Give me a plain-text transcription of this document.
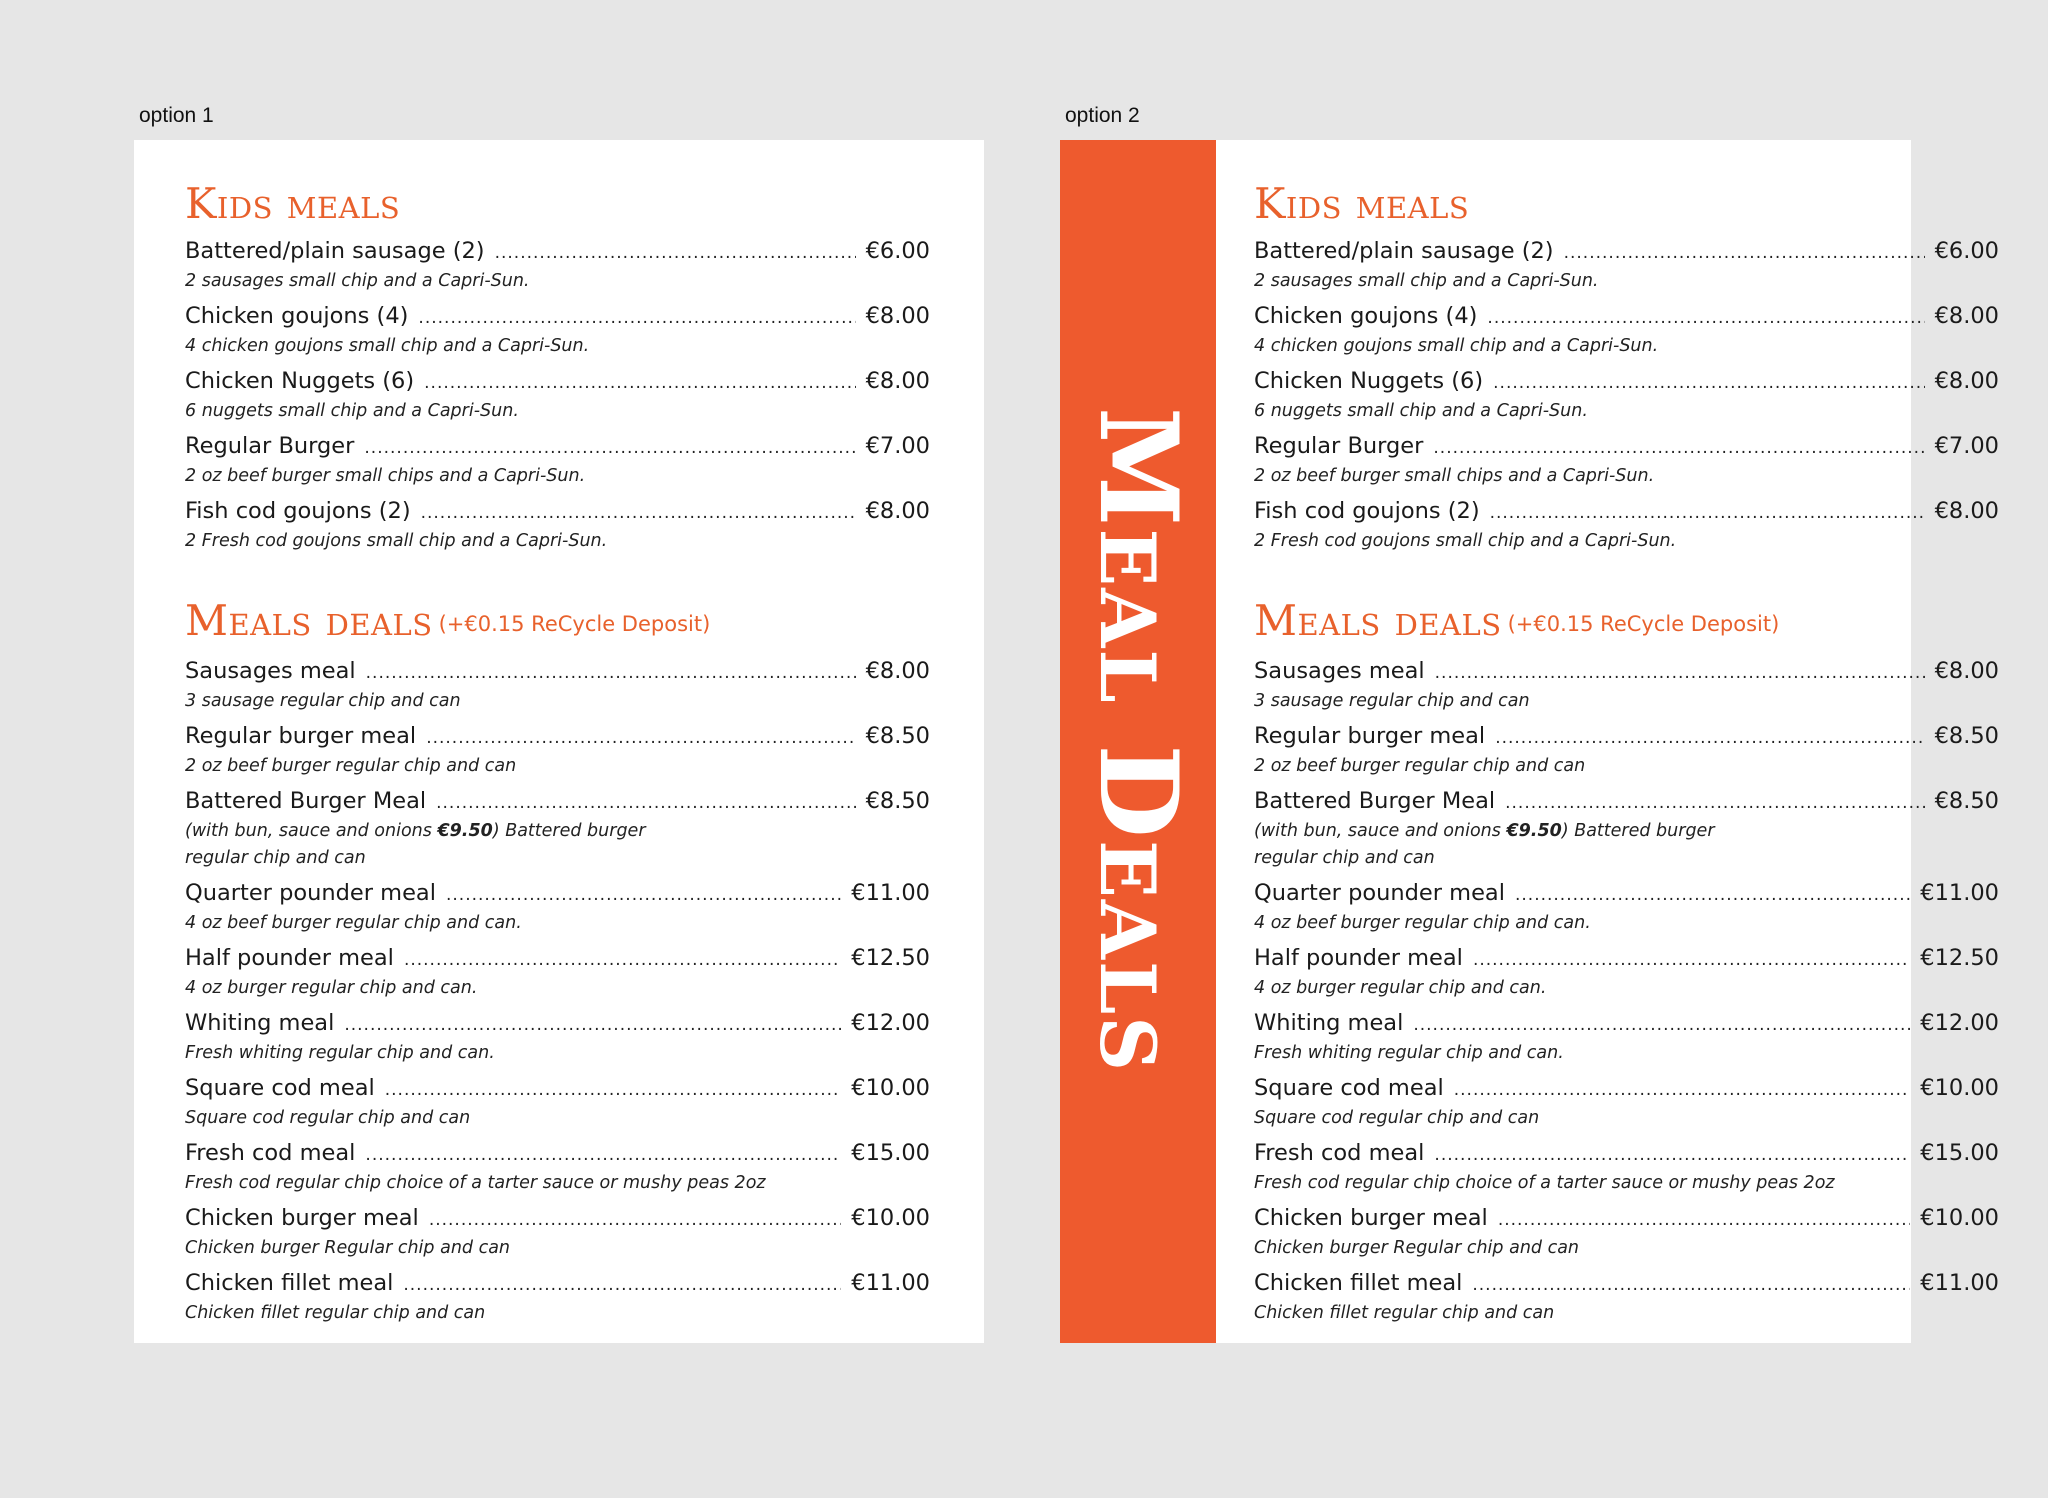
option 1	option 2
Kids meals
Battered/plain sausage (2) .....	€6.00
2 sausages small chip and a Capri-Sun.
Chicken goujons (4) .....	€8.00
4 chicken goujons small chip and a Capri-Sun.
Chicken Nuggets (6) .....	€8.00
6 nuggets small chip and a Capri-Sun.
Regular Burger .....	€7.00
2 oz beef burger small chips and a Capri-Sun.
Fish cod goujons (2) .....	€8.00
2 Fresh cod goujons small chip and a Capri-Sun.
Meals deals (+€0.15 ReCycle Deposit)
Sausages meal .....	€8.00
3 sausage regular chip and can
Regular burger meal .....	€8.50
2 oz beef burger regular chip and can
Battered Burger Meal .....	€8.50
(with bun, sauce and onions €9.50) Battered burger
regular chip and can
Quarter pounder meal .....	€11.00
4 oz beef burger regular chip and can.
Half pounder meal .....	€12.50
4 oz burger regular chip and can.
Whiting meal .....	€12.00
Fresh whiting regular chip and can.
Square cod meal .....	€10.00
Square cod regular chip and can
Fresh cod meal .....	€15.00
Fresh cod regular chip choice of a tarter sauce or mushy peas 2oz
Chicken burger meal .....	€10.00
Chicken burger Regular chip and can
Chicken fillet meal .....	€11.00
Chicken fillet regular chip and can
Meal Deals
Kids meals
Battered/plain sausage (2) .....	€6.00
2 sausages small chip and a Capri-Sun.
Chicken goujons (4) .....	€8.00
4 chicken goujons small chip and a Capri-Sun.
Chicken Nuggets (6) .....	€8.00
6 nuggets small chip and a Capri-Sun.
Regular Burger .....	€7.00
2 oz beef burger small chips and a Capri-Sun.
Fish cod goujons (2) .....	€8.00
2 Fresh cod goujons small chip and a Capri-Sun.
Meals deals (+€0.15 ReCycle Deposit)
Sausages meal .....	€8.00
3 sausage regular chip and can
Regular burger meal .....	€8.50
2 oz beef burger regular chip and can
Battered Burger Meal .....	€8.50
(with bun, sauce and onions €9.50) Battered burger
regular chip and can
Quarter pounder meal .....	€11.00
4 oz beef burger regular chip and can.
Half pounder meal .....	€12.50
4 oz burger regular chip and can.
Whiting meal .....	€12.00
Fresh whiting regular chip and can.
Square cod meal .....	€10.00
Square cod regular chip and can
Fresh cod meal .....	€15.00
Fresh cod regular chip choice of a tarter sauce or mushy peas 2oz
Chicken burger meal .....	€10.00
Chicken burger Regular chip and can
Chicken fillet meal .....	€11.00
Chicken fillet regular chip and can
